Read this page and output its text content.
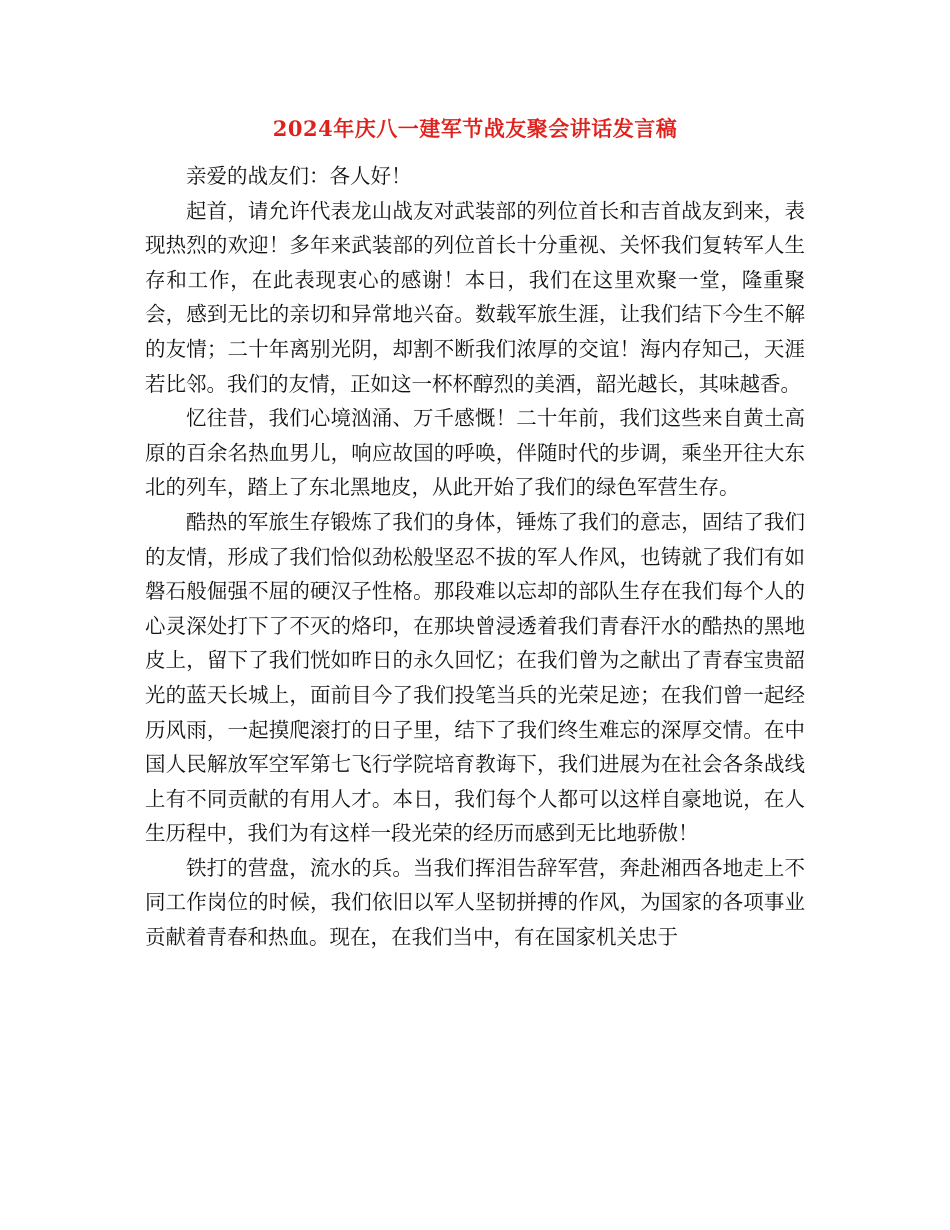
2024年庆八一建军节战友聚会讲话发言稿

亲爱的战友们：各人好！

起首，请允许代表龙山战友对武装部的列位首长和吉首战友到来，表现热烈的欢迎！多年来武装部的列位首长十分重视、关怀我们复转军人生存和工作，在此表现衷心的感谢！本日，我们在这里欢聚一堂，隆重聚会，感到无比的亲切和异常地兴奋。数载军旅生涯，让我们结下今生不解的友情；二十年离别光阴，却割不断我们浓厚的交谊！海内存知己，天涯若比邻。我们的友情，正如这一杯杯醇烈的美酒，韶光越长，其味越香。

忆往昔，我们心境汹涌、万千感慨！二十年前，我们这些来自黄土高原的百余名热血男儿，响应故国的呼唤，伴随时代的步调，乘坐开往大东北的列车，踏上了东北黑地皮，从此开始了我们的绿色军营生存。

酷热的军旅生存锻炼了我们的身体，锤炼了我们的意志，固结了我们的友情，形成了我们恰似劲松般坚忍不拔的军人作风，也铸就了我们有如磐石般倔强不屈的硬汉子性格。那段难以忘却的部队生存在我们每个人的心灵深处打下了不灭的烙印，在那块曾浸透着我们青春汗水的酷热的黑地皮上，留下了我们恍如昨日的永久回忆；在我们曾为之献出了青春宝贵韶光的蓝天长城上，面前目今了我们投笔当兵的光荣足迹；在我们曾一起经历风雨，一起摸爬滚打的日子里，结下了我们终生难忘的深厚交情。在中国人民解放军空军第七飞行学院培育教诲下，我们进展为在社会各条战线上有不同贡献的有用人才。本日，我们每个人都可以这样自豪地说，在人生历程中，我们为有这样一段光荣的经历而感到无比地骄傲！

铁打的营盘，流水的兵。当我们挥泪告辞军营，奔赴湘西各地走上不同工作岗位的时候，我们依旧以军人坚韧拼搏的作风，为国家的各项事业贡献着青春和热血。现在，在我们当中，有在国家机关忠于
